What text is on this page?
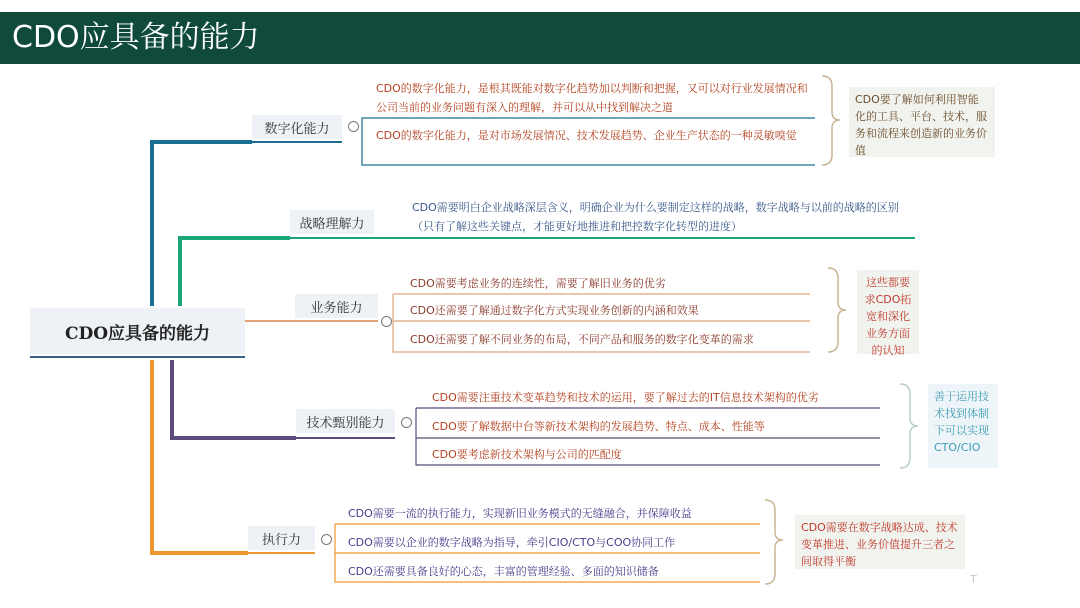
CDO应具备的能力
CDO应具备的能力
数字化能力
CDO的数字化能力，是根其既能对数字化趋势加以判断和把握，又可以对行业发展情况和公司当前的业务问题有深入的理解，并可以从中找到解决之道
CDO的数字化能力，是对市场发展情况、技术发展趋势、企业生产状态的一种灵敏嗅觉
CDO要了解如何利用智能化的工具、平台、技术，服务和流程来创造新的业务价值
战略理解力
CDO需要明白企业战略深层含义，明确企业为什么要制定这样的战略，数字战略与以前的战略的区别（只有了解这些关键点，才能更好地推进和把控数字化转型的进度）
业务能力
CDO需要考虑业务的连续性，需要了解旧业务的优劣
CDO还需要了解通过数字化方式实现业务创新的内涵和效果
CDO还需要了解不同业务的布局，不同产品和服务的数字化变革的需求
这些都要求CDO拓宽和深化业务方面的认知
技术甄别能力
CDO需要注重技术变革趋势和技术的运用，要了解过去的IT信息技术架构的优劣
CDO要了解数据中台等新技术架构的发展趋势、特点、成本、性能等
CDO要考虑新技术架构与公司的匹配度
善于运用技术找到体制下可以实现CTO/CIO
执行力
CDO需要一流的执行能力，实现新旧业务模式的无缝融合，并保障收益
CDO需要以企业的数字战略为指导，牵引CIO/CTO与COO协同工作
CDO还需要具备良好的心态，丰富的管理经验、多面的知识储备
CDO需要在数字战略达成、技术变革推进、业务价值提升三者之间取得平衡
T
